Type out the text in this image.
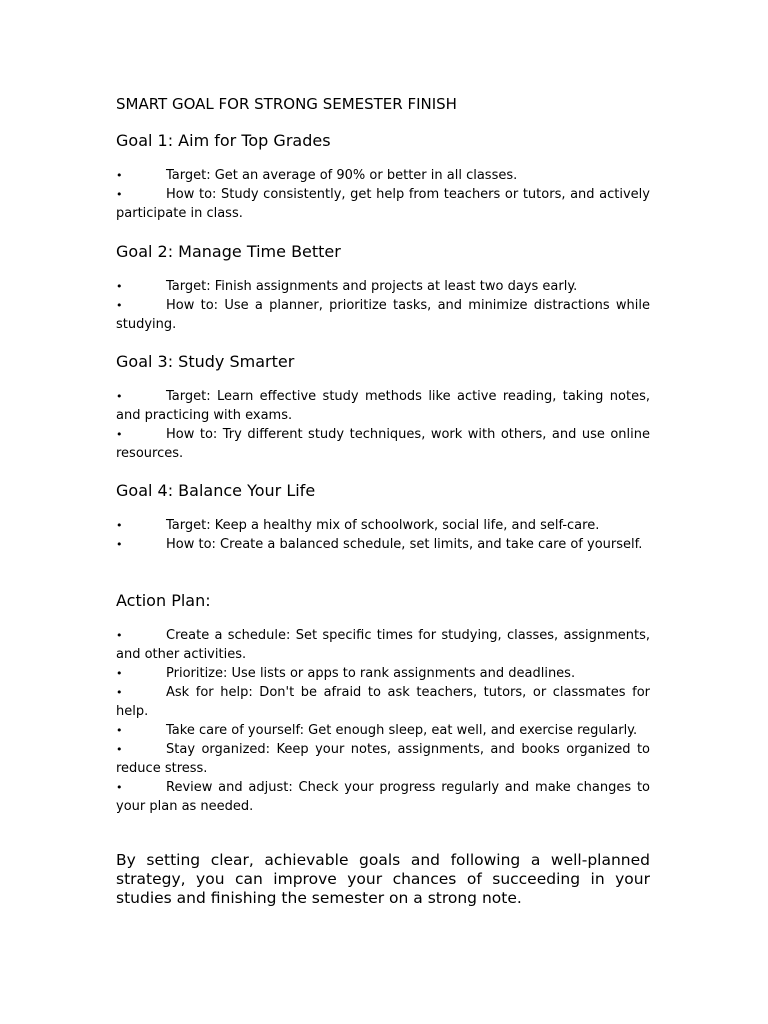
SMART GOAL FOR STRONG SEMESTER FINISH
Goal 1: Aim for Top Grades
•	Target: Get an average of 90% or better in all classes.
•	How to: Study consistently, get help from teachers or tutors, and actively participate in class.
Goal 2: Manage Time Better
•	Target: Finish assignments and projects at least two days early.
•	How to: Use a planner, prioritize tasks, and minimize distractions while studying.
Goal 3: Study Smarter
•	Target: Learn effective study methods like active reading, taking notes, and practicing with exams.
•	How to: Try different study techniques, work with others, and use online resources.
Goal 4: Balance Your Life
•	Target: Keep a healthy mix of schoolwork, social life, and self-care.
•	How to: Create a balanced schedule, set limits, and take care of yourself.
Action Plan:
•	Create a schedule: Set specific times for studying, classes, assignments, and other activities.
•	Prioritize: Use lists or apps to rank assignments and deadlines.
•	Ask for help: Don't be afraid to ask teachers, tutors, or classmates for help.
•	Take care of yourself: Get enough sleep, eat well, and exercise regularly.
•	Stay organized: Keep your notes, assignments, and books organized to reduce stress.
•	Review and adjust: Check your progress regularly and make changes to your plan as needed.

By setting clear, achievable goals and following a well-planned strategy, you can improve your chances of succeeding in your studies and finishing the semester on a strong note.
